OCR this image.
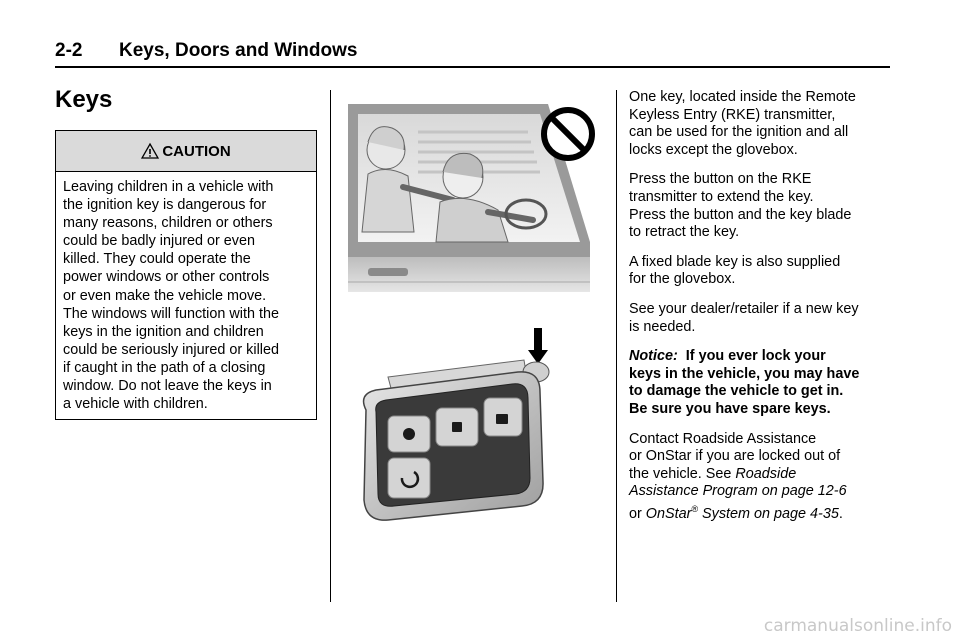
2-2 Keys, Doors and Windows
Keys
CAUTION
Leaving children in a vehicle with
the ignition key is dangerous for
many reasons, children or others
could be badly injured or even
killed. They could operate the
power windows or other controls
or even make the vehicle move.
The windows will function with the
keys in the ignition and children
could be seriously injured or killed
if caught in the path of a closing
window. Do not leave the keys in
a vehicle with children.

One key, located inside the Remote
Keyless Entry (RKE) transmitter,
can be used for the ignition and all
locks except the glovebox.

Press the button on the RKE
transmitter to extend the key.
Press the button and the key blade
to retract the key.

A fixed blade key is also supplied
for the glovebox.

See your dealer/retailer if a new key
is needed.

Notice: If you ever lock your
keys in the vehicle, you may have
to damage the vehicle to get in.
Be sure you have spare keys.

Contact Roadside Assistance
or OnStar if you are locked out of
the vehicle. See Roadside
Assistance Program on page 12-6
or OnStar® System on page 4-35.

carmanualsonline.info
